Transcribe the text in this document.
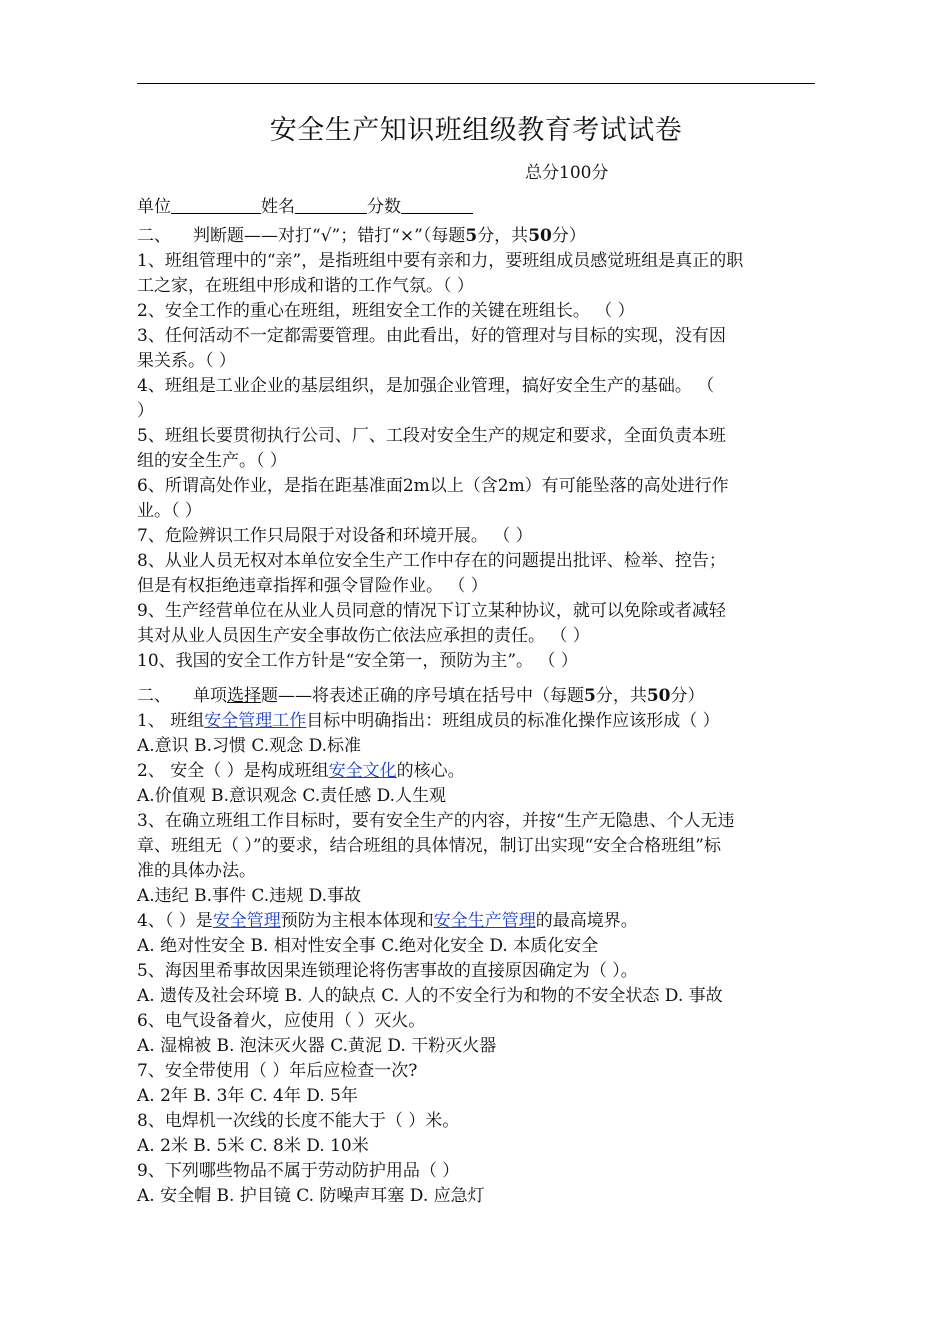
安全生产知识班组级教育考试试卷
总分100分
单位	姓名	分数
二、 判断题——对打“√”；错打“×”（每题5分，共50分）
1、班组管理中的“亲”，是指班组中要有亲和力，要班组成员感觉班组是真正的职
工之家，在班组中形成和谐的工作气氛。（ ）
2、安全工作的重心在班组，班组安全工作的关键在班组长。 （ ）
3、任何活动不一定都需要管理。由此看出，好的管理对与目标的实现，没有因
果关系。（ ）
4、班组是工业企业的基层组织，是加强企业管理，搞好安全生产的基础。 （
）
5、班组长要贯彻执行公司、厂、工段对安全生产的规定和要求，全面负责本班
组的安全生产。（ ）
6、所谓高处作业，是指在距基准面2m以上（含2m）有可能坠落的高处进行作
业。（ ）
7、危险辨识工作只局限于对设备和环境开展。 （ ）
8、从业人员无权对本单位安全生产工作中存在的问题提出批评、检举、控告；
但是有权拒绝违章指挥和强令冒险作业。 （ ）
9、生产经营单位在从业人员同意的情况下订立某种协议，就可以免除或者减轻
其对从业人员因生产安全事故伤亡依法应承担的责任。 （ ）
10、我国的安全工作方针是“安全第一，预防为主”。 （ ）
二、 单项选择题——将表述正确的序号填在括号中（每题5分，共50分）
1、 班组安全管理工作目标中明确指出：班组成员的标准化操作应该形成（ ）
A.意识 B.习惯 C.观念 D.标准
2、 安全（ ）是构成班组安全文化的核心。
A.价值观 B.意识观念 C.责任感 D.人生观
3、在确立班组工作目标时，要有安全生产的内容，并按“生产无隐患、个人无违
章、班组无（ ）”的要求，结合班组的具体情况，制订出实现“安全合格班组”标
准的具体办法。
A.违纪 B.事件 C.违规 D.事故
4、（ ）是安全管理预防为主根本体现和安全生产管理的最高境界。
A. 绝对性安全 B. 相对性安全事 C.绝对化安全 D. 本质化安全
5、海因里希事故因果连锁理论将伤害事故的直接原因确定为（ ）。
A. 遗传及社会环境 B. 人的缺点 C. 人的不安全行为和物的不安全状态 D. 事故
6、电气设备着火，应使用（ ）灭火。
A. 湿棉被 B. 泡沫灭火器 C.黄泥 D. 干粉灭火器
7、安全带使用（ ）年后应检查一次?
A. 2年 B. 3年 C. 4年 D. 5年
8、电焊机一次线的长度不能大于（ ）米。
A. 2米 B. 5米 C. 8米 D. 10米
9、下列哪些物品不属于劳动防护用品（ ）
A. 安全帽 B. 护目镜 C. 防噪声耳塞 D. 应急灯
